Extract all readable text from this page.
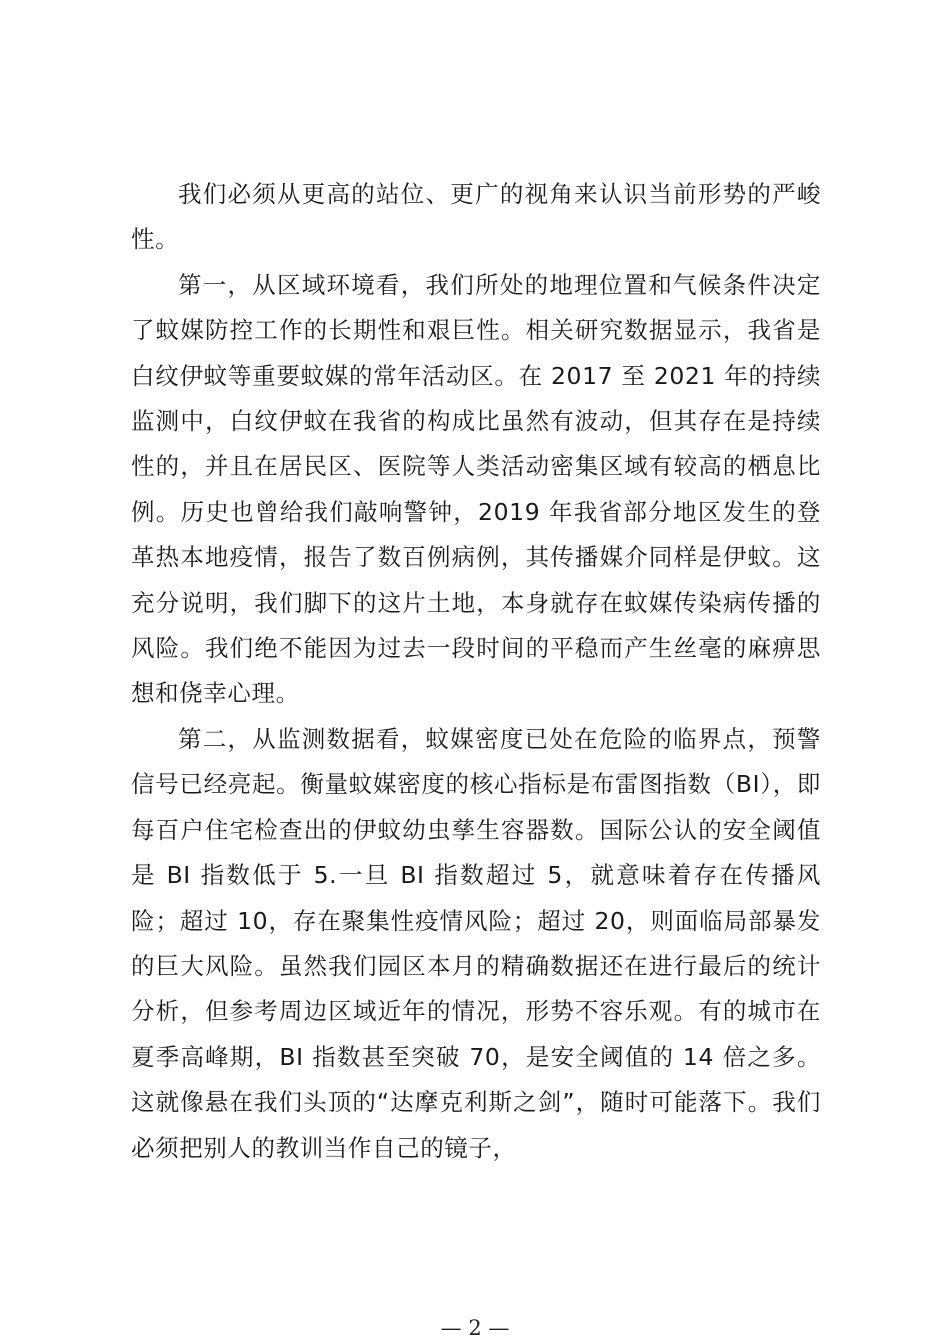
我们必须从更高的站位、更广的视角来认识当前形势的严峻性。

第一，从区域环境看，我们所处的地理位置和气候条件决定了蚊媒防控工作的长期性和艰巨性。相关研究数据显示，我省是白纹伊蚊等重要蚊媒的常年活动区。在 2017 至 2021 年的持续监测中，白纹伊蚊在我省的构成比虽然有波动，但其存在是持续性的，并且在居民区、医院等人类活动密集区域有较高的栖息比例。历史也曾给我们敲响警钟，2019 年我省部分地区发生的登革热本地疫情，报告了数百例病例，其传播媒介同样是伊蚊。这充分说明，我们脚下的这片土地，本身就存在蚊媒传染病传播的风险。我们绝不能因为过去一段时间的平稳而产生丝毫的麻痹思想和侥幸心理。

第二，从监测数据看，蚊媒密度已处在危险的临界点，预警信号已经亮起。衡量蚊媒密度的核心指标是布雷图指数（BI），即每百户住宅检查出的伊蚊幼虫孳生容器数。国际公认的安全阈值是 BI 指数低于 5.一旦 BI 指数超过 5，就意味着存在传播风险；超过 10，存在聚集性疫情风险；超过 20，则面临局部暴发的巨大风险。虽然我们园区本月的精确数据还在进行最后的统计分析，但参考周边区域近年的情况，形势不容乐观。有的城市在夏季高峰期，BI 指数甚至突破 70，是安全阈值的 14 倍之多。这就像悬在我们头顶的“达摩克利斯之剑”，随时可能落下。我们必须把别人的教训当作自己的镜子，

— 2 —
